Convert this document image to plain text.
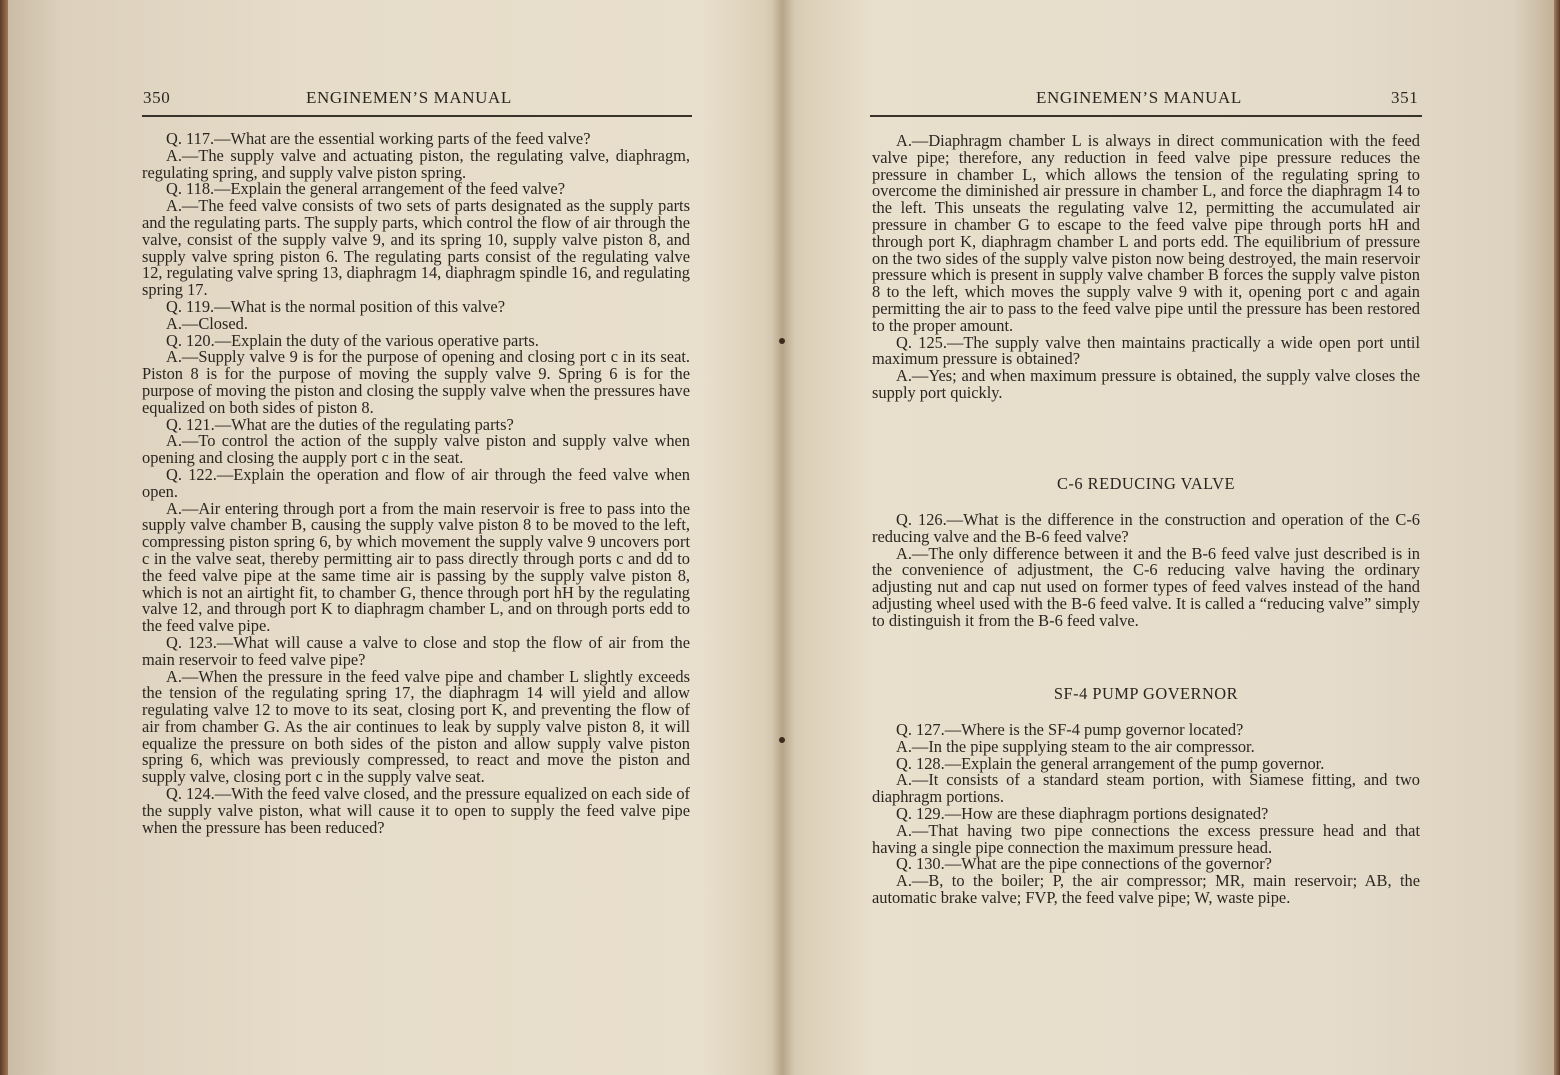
350	ENGINEMEN’S MANUAL

Q. 117.—What are the essential working parts of the feed valve?

A.—The supply valve and actuating piston, the regulating valve, diaphragm, regulating spring, and supply valve piston spring.

Q. 118.—Explain the general arrangement of the feed valve?

A.—The feed valve consists of two sets of parts designated as the supply parts and the regulating parts. The supply parts, which control the flow of air through the valve, consist of the supply valve 9, and its spring 10, supply valve piston 8, and supply valve spring piston 6. The regulating parts consist of the regulating valve 12, regulating valve spring 13, diaphragm 14, diaphragm spindle 16, and regulating spring 17.

Q. 119.—What is the normal position of this valve?

A.—Closed.

Q. 120.—Explain the duty of the various operative parts.

A.—Supply valve 9 is for the purpose of opening and closing port c in its seat. Piston 8 is for the purpose of moving the supply valve 9. Spring 6 is for the purpose of moving the piston and closing the supply valve when the pressures have equalized on both sides of piston 8.

Q. 121.—What are the duties of the regulating parts?

A.—To control the action of the supply valve piston and supply valve when opening and closing the aupply port c in the seat.

Q. 122.—Explain the operation and flow of air through the feed valve when open.

A.—Air entering through port a from the main reservoir is free to pass into the supply valve chamber B, causing the supply valve piston 8 to be moved to the left, compressing piston spring 6, by which movement the supply valve 9 uncovers port c in the valve seat, thereby permitting air to pass directly through ports c and dd to the feed valve pipe at the same time air is passing by the supply valve piston 8, which is not an airtight fit, to chamber G, thence through port hH by the regulating valve 12, and through port K to diaphragm chamber L, and on through ports edd to the feed valve pipe.

Q. 123.—What will cause a valve to close and stop the flow of air from the main reservoir to feed valve pipe?

A.—When the pressure in the feed valve pipe and chamber L slightly exceeds the tension of the regulating spring 17, the diaphragm 14 will yield and allow regulating valve 12 to move to its seat, closing port K, and preventing the flow of air from chamber G. As the air continues to leak by supply valve piston 8, it will equalize the pressure on both sides of the piston and allow supply valve piston spring 6, which was previously compressed, to react and move the piston and supply valve, closing port c in the supply valve seat.

Q. 124.—With the feed valve closed, and the pressure equalized on each side of the supply valve piston, what will cause it to open to supply the feed valve pipe when the pressure has been reduced?

ENGINEMEN’S MANUAL	351

A.—Diaphragm chamber L is always in direct communication with the feed valve pipe; therefore, any reduction in feed valve pipe pressure reduces the pressure in chamber L, which allows the tension of the regulating spring to overcome the diminished air pressure in chamber L, and force the diaphragm 14 to the left. This unseats the regulating valve 12, permitting the accumulated air pressure in chamber G to escape to the feed valve pipe through ports hH and through port K, diaphragm chamber L and ports edd. The equilibrium of pressure on the two sides of the supply valve piston now being destroyed, the main reservoir pressure which is present in supply valve chamber B forces the supply valve piston 8 to the left, which moves the supply valve 9 with it, opening port c and again permitting the air to pass to the feed valve pipe until the pressure has been restored to the proper amount.

Q. 125.—The supply valve then maintains practically a wide open port until maximum pressure is obtained?

A.—Yes; and when maximum pressure is obtained, the supply valve closes the supply port quickly.

C-6 REDUCING VALVE

Q. 126.—What is the difference in the construction and operation of the C-6 reducing valve and the B-6 feed valve?

A.—The only difference between it and the B-6 feed valve just described is in the convenience of adjustment, the C-6 reducing valve having the ordinary adjusting nut and cap nut used on former types of feed valves instead of the hand adjusting wheel used with the B-6 feed valve. It is called a “reducing valve” simply to distinguish it from the B-6 feed valve.

SF-4 PUMP GOVERNOR

Q. 127.—Where is the SF-4 pump governor located?

A.—In the pipe supplying steam to the air compressor.

Q. 128.—Explain the general arrangement of the pump governor.

A.—It consists of a standard steam portion, with Siamese fitting, and two diaphragm portions.

Q. 129.—How are these diaphragm portions designated?

A.—That having two pipe connections the excess pressure head and that having a single pipe connection the maximum pressure head.

Q. 130.—What are the pipe connections of the governor?

A.—B, to the boiler; P, the air compressor; MR, main reservoir; AB, the automatic brake valve; FVP, the feed valve pipe; W, waste pipe.
